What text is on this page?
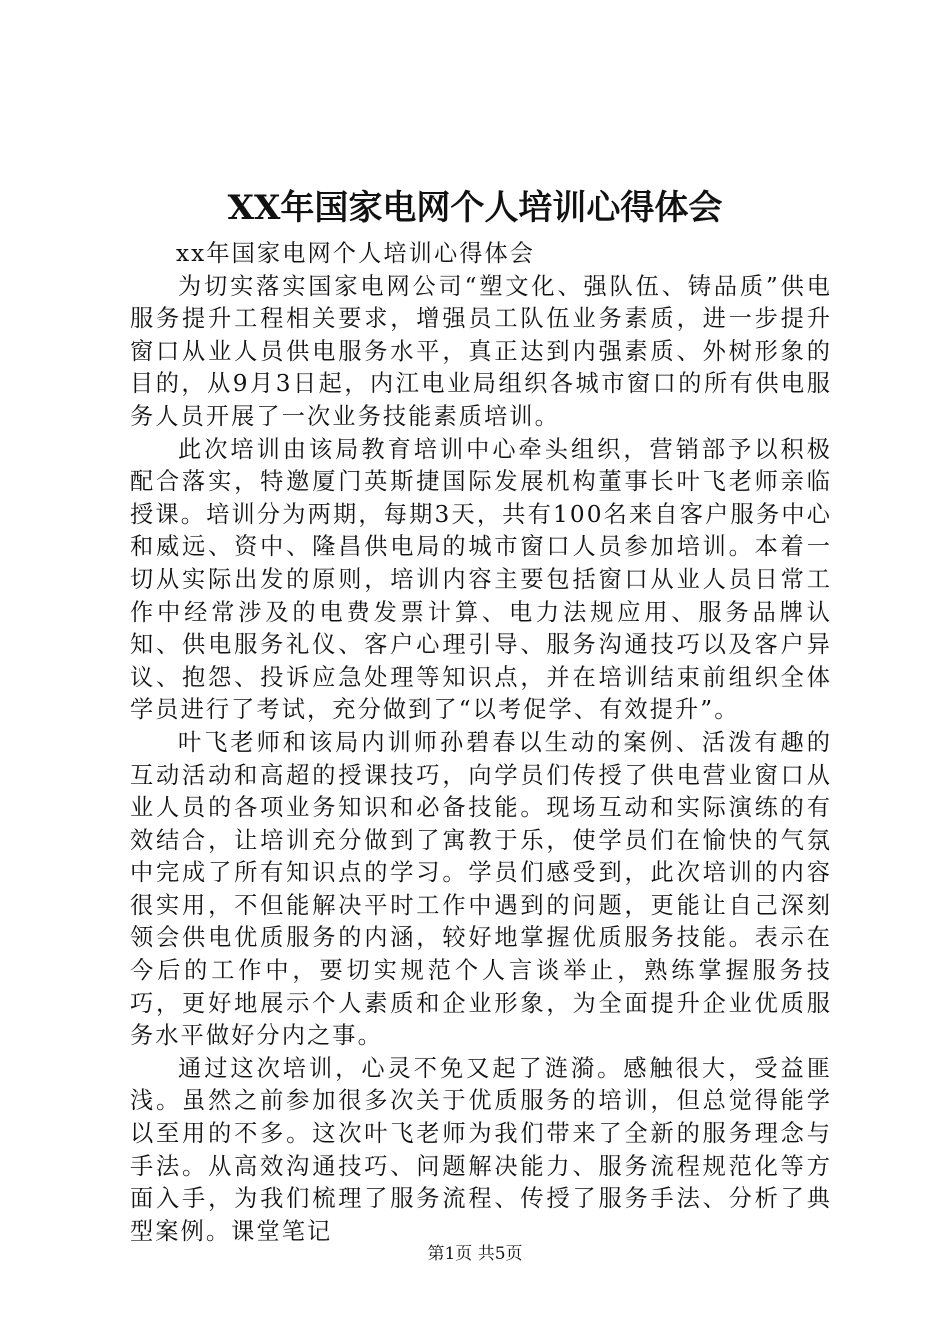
XX年国家电网个人培训心得体会

xx年国家电网个人培训心得体会

为切实落实国家电网公司“塑文化、强队伍、铸品质”供电服务提升工程相关要求，增强员工队伍业务素质，进一步提升窗口从业人员供电服务水平，真正达到内强素质、外树形象的目的，从9月3日起，内江电业局组织各城市窗口的所有供电服务人员开展了一次业务技能素质培训。

此次培训由该局教育培训中心牵头组织，营销部予以积极配合落实，特邀厦门英斯捷国际发展机构董事长叶飞老师亲临授课。培训分为两期，每期3天，共有100名来自客户服务中心和威远、资中、隆昌供电局的城市窗口人员参加培训。本着一切从实际出发的原则，培训内容主要包括窗口从业人员日常工作中经常涉及的电费发票计算、电力法规应用、服务品牌认知、供电服务礼仪、客户心理引导、服务沟通技巧以及客户异议、抱怨、投诉应急处理等知识点，并在培训结束前组织全体学员进行了考试，充分做到了“以考促学、有效提升”。

叶飞老师和该局内训师孙碧春以生动的案例、活泼有趣的互动活动和高超的授课技巧，向学员们传授了供电营业窗口从业人员的各项业务知识和必备技能。现场互动和实际演练的有效结合，让培训充分做到了寓教于乐，使学员们在愉快的气氛中完成了所有知识点的学习。学员们感受到，此次培训的内容很实用，不但能解决平时工作中遇到的问题，更能让自己深刻领会供电优质服务的内涵，较好地掌握优质服务技能。表示在今后的工作中，要切实规范个人言谈举止，熟练掌握服务技巧，更好地展示个人素质和企业形象，为全面提升企业优质服务水平做好分内之事。

通过这次培训，心灵不免又起了涟漪。感触很大，受益匪浅。虽然之前参加很多次关于优质服务的培训，但总觉得能学以至用的不多。这次叶飞老师为我们带来了全新的服务理念与手法。从高效沟通技巧、问题解决能力、服务流程规范化等方面入手，为我们梳理了服务流程、传授了服务手法、分析了典型案例。课堂笔记

第1页 共5页
